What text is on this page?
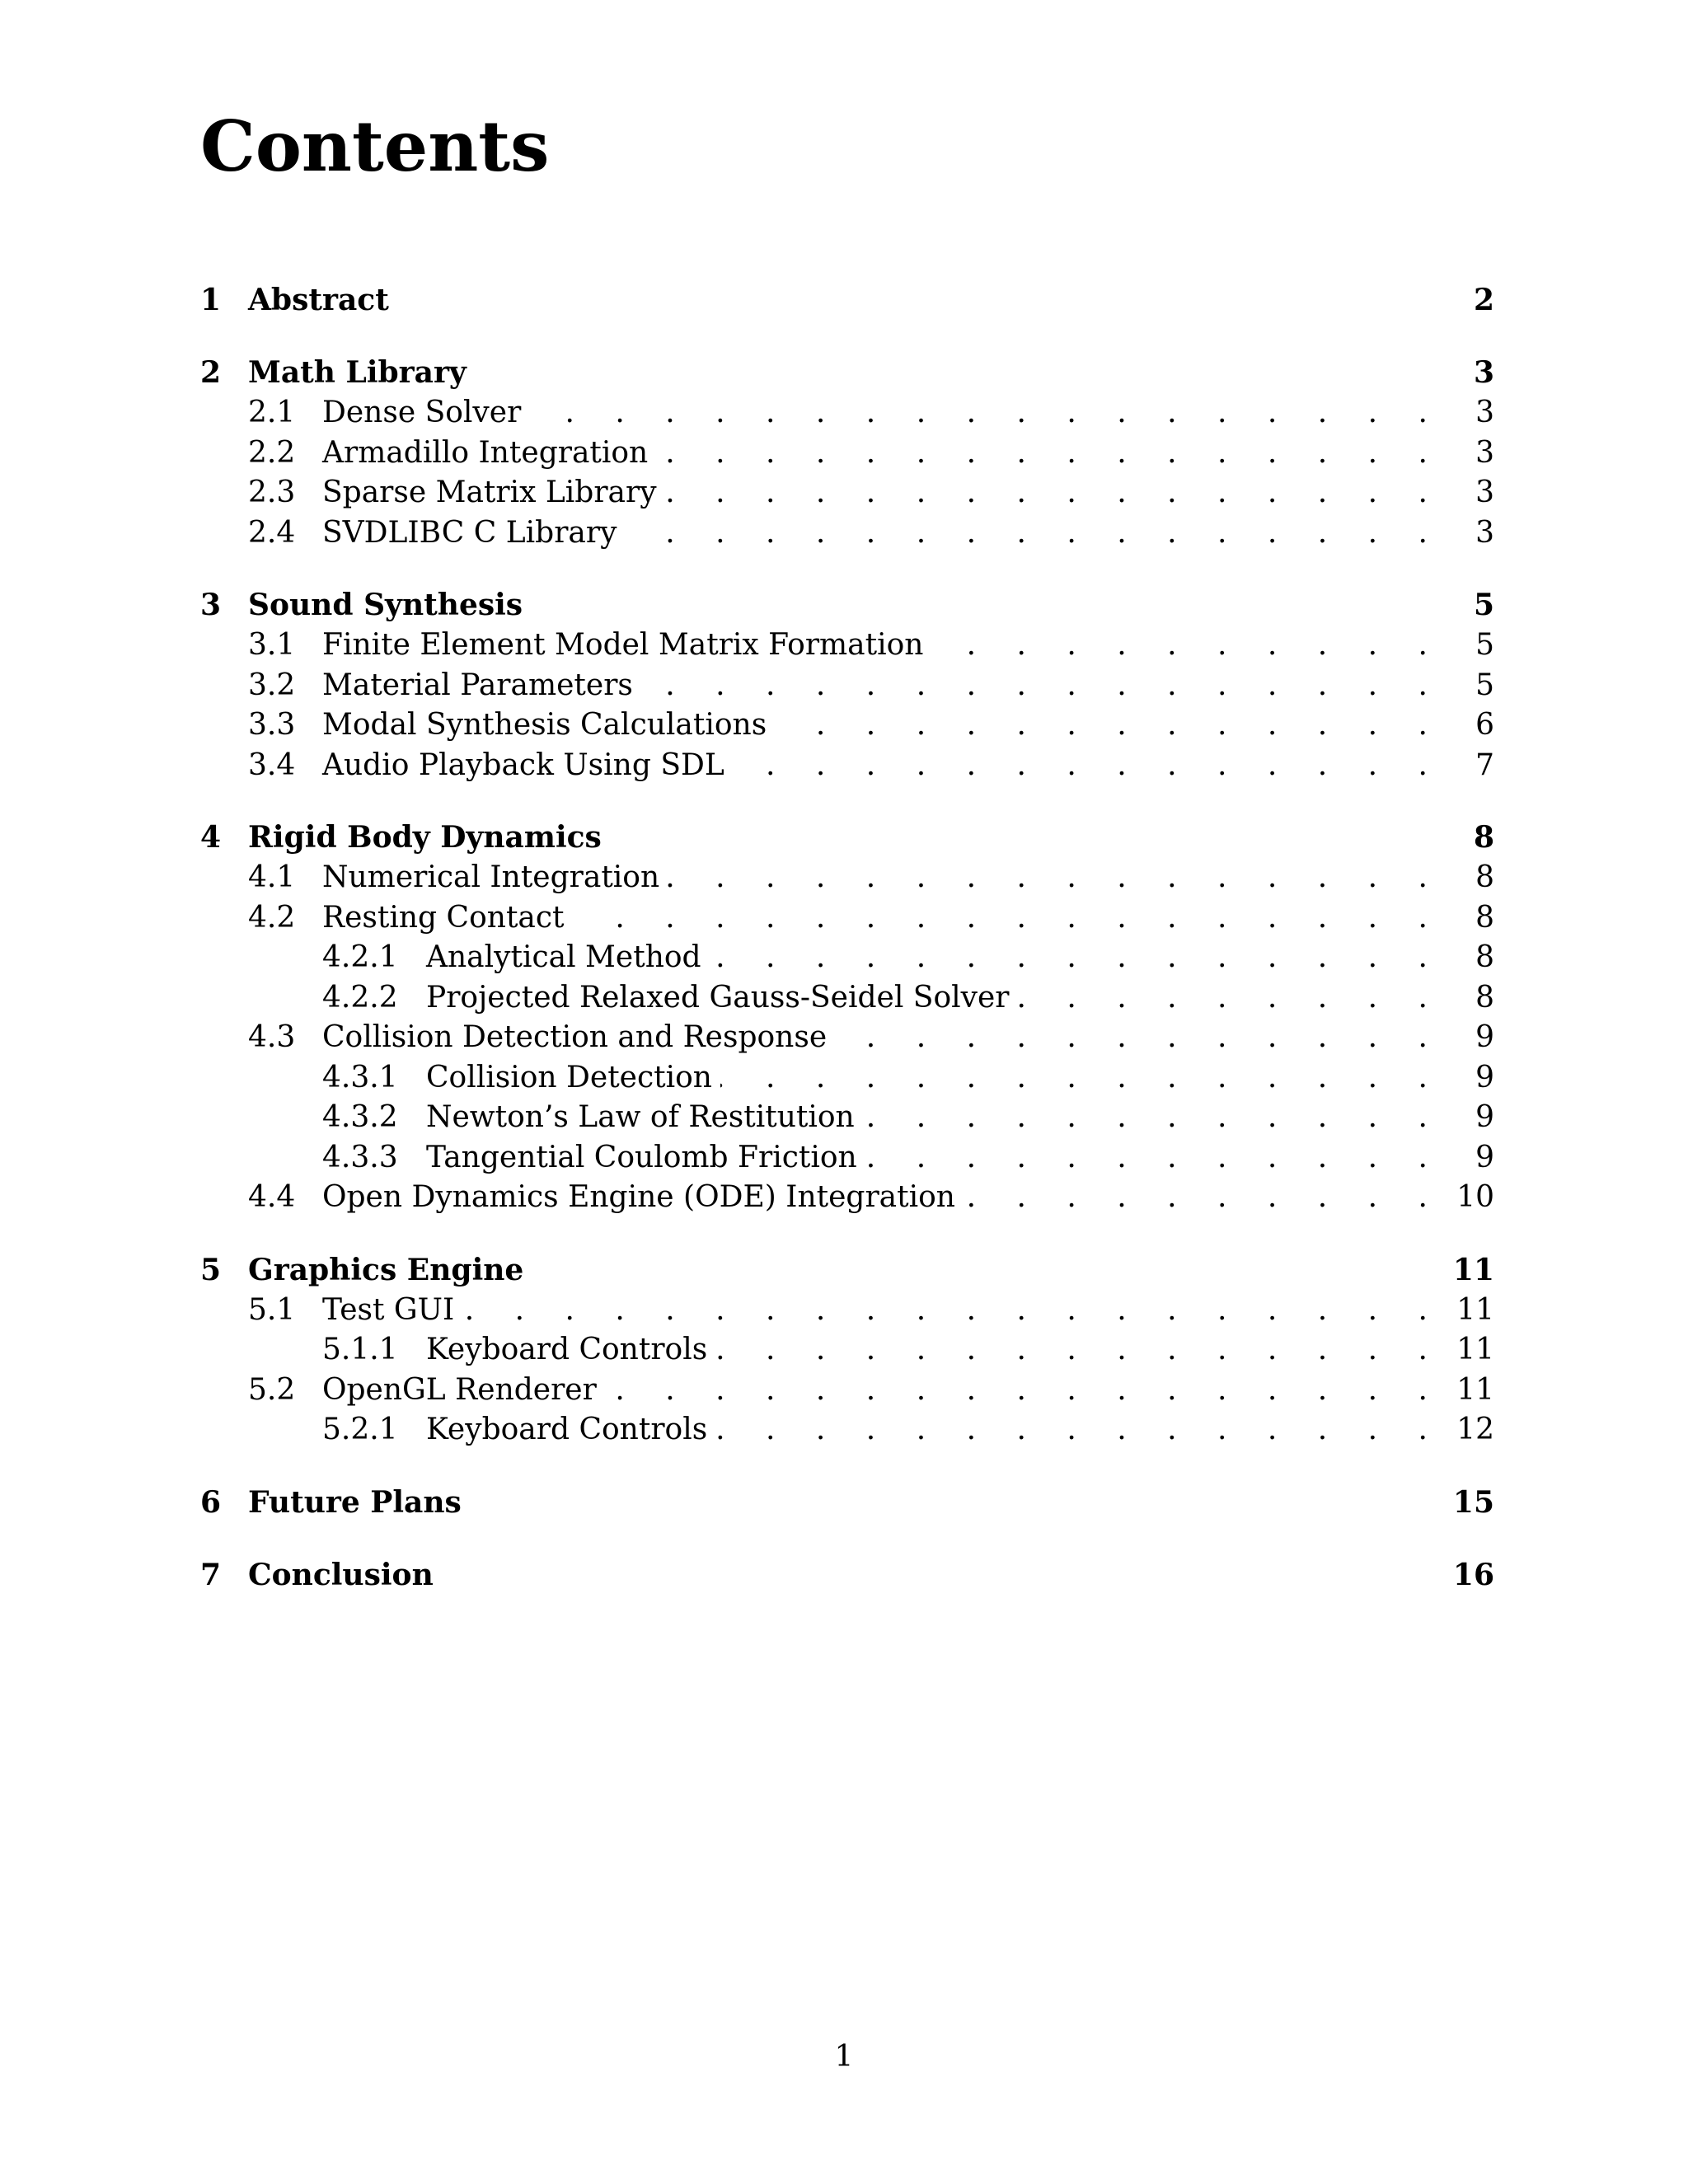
Contents
1 Abstract	2
2 Math Library	3
2.1 Dense Solver . . .	3
2.2 Armadillo Integration . . .	3
2.3 Sparse Matrix Library . . .	3
2.4 SVDLIBC C Library . . .	3
3 Sound Synthesis	5
3.1 Finite Element Model Matrix Formation . . .	5
3.2 Material Parameters . . .	5
3.3 Modal Synthesis Calculations . . .	6
3.4 Audio Playback Using SDL . . .	7
4 Rigid Body Dynamics	8
4.1 Numerical Integration . . .	8
4.2 Resting Contact . . .	8
4.2.1 Analytical Method . . .	8
4.2.2 Projected Relaxed Gauss-Seidel Solver . . .	8
4.3 Collision Detection and Response . . .	9
4.3.1 Collision Detection . . .	9
4.3.2 Newton’s Law of Restitution . . .	9
4.3.3 Tangential Coulomb Friction . . .	9
4.4 Open Dynamics Engine (ODE) Integration . . .	10
5 Graphics Engine	11
5.1 Test GUI . . .	11
5.1.1 Keyboard Controls . . .	11
5.2 OpenGL Renderer . . .	11
5.2.1 Keyboard Controls . . .	12
6 Future Plans	15
7 Conclusion	16
1
